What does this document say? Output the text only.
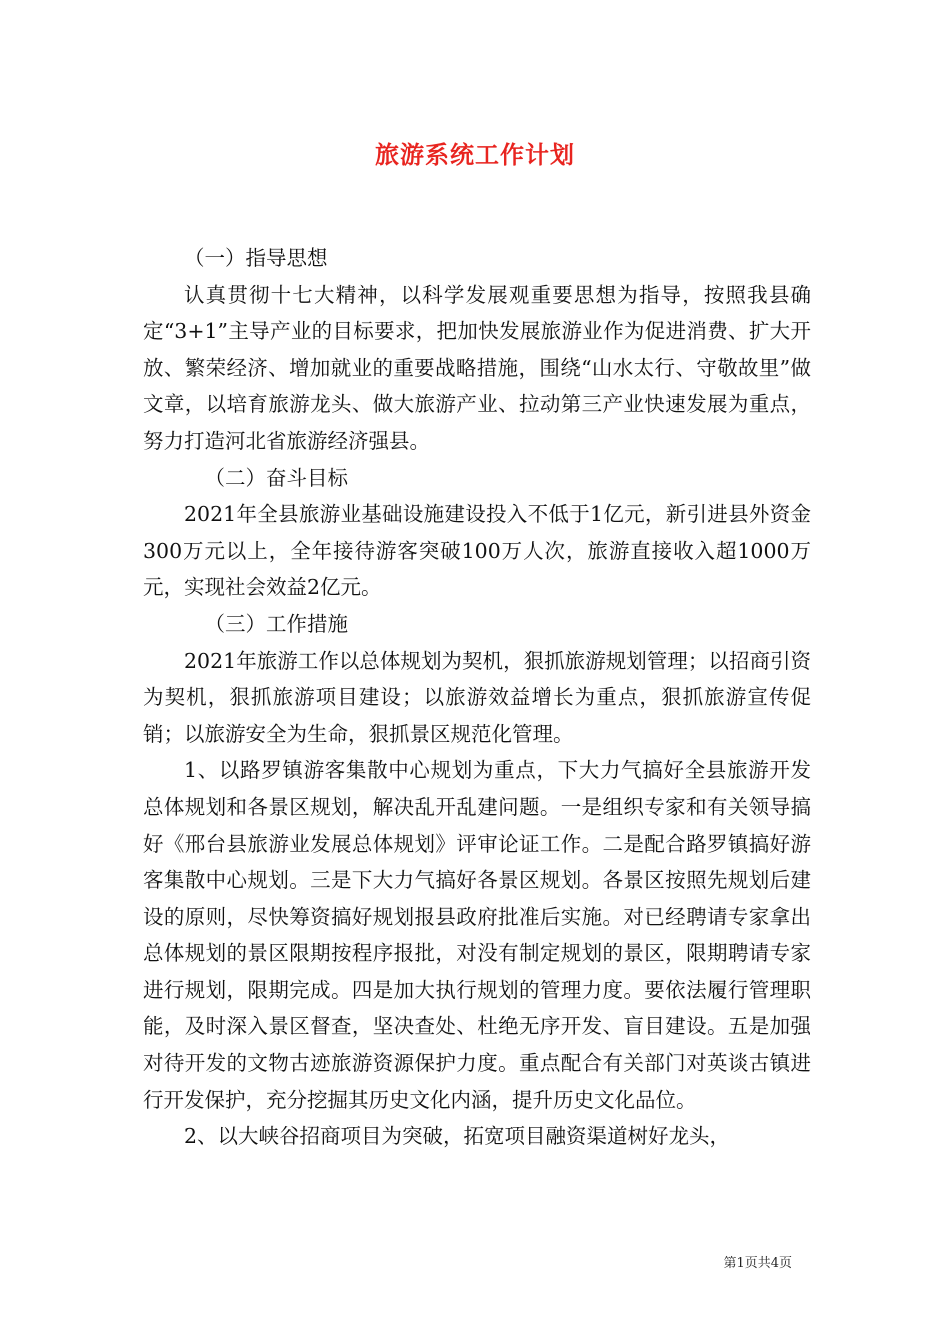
旅游系统工作计划

（一）指导思想

认真贯彻十七大精神，以科学发展观重要思想为指导，按照我县确定“3+1”主导产业的目标要求，把加快发展旅游业作为促进消费、扩大开放、繁荣经济、增加就业的重要战略措施，围绕“山水太行、守敬故里”做文章，以培育旅游龙头、做大旅游产业、拉动第三产业快速发展为重点，努力打造河北省旅游经济强县。

（二）奋斗目标

2021年全县旅游业基础设施建设投入不低于1亿元，新引进县外资金300万元以上，全年接待游客突破100万人次，旅游直接收入超1000万元，实现社会效益2亿元。

（三）工作措施

2021年旅游工作以总体规划为契机，狠抓旅游规划管理；以招商引资为契机，狠抓旅游项目建设；以旅游效益增长为重点，狠抓旅游宣传促销；以旅游安全为生命，狠抓景区规范化管理。

1、以路罗镇游客集散中心规划为重点，下大力气搞好全县旅游开发总体规划和各景区规划，解决乱开乱建问题。一是组织专家和有关领导搞好《邢台县旅游业发展总体规划》评审论证工作。二是配合路罗镇搞好游客集散中心规划。三是下大力气搞好各景区规划。各景区按照先规划后建设的原则，尽快筹资搞好规划报县政府批准后实施。对已经聘请专家拿出总体规划的景区限期按程序报批，对没有制定规划的景区，限期聘请专家进行规划，限期完成。四是加大执行规划的管理力度。要依法履行管理职能，及时深入景区督查，坚决查处、杜绝无序开发、盲目建设。五是加强对待开发的文物古迹旅游资源保护力度。重点配合有关部门对英谈古镇进行开发保护，充分挖掘其历史文化内涵，提升历史文化品位。

2、以大峡谷招商项目为突破，拓宽项目融资渠道树好龙头，

第1页共4页
